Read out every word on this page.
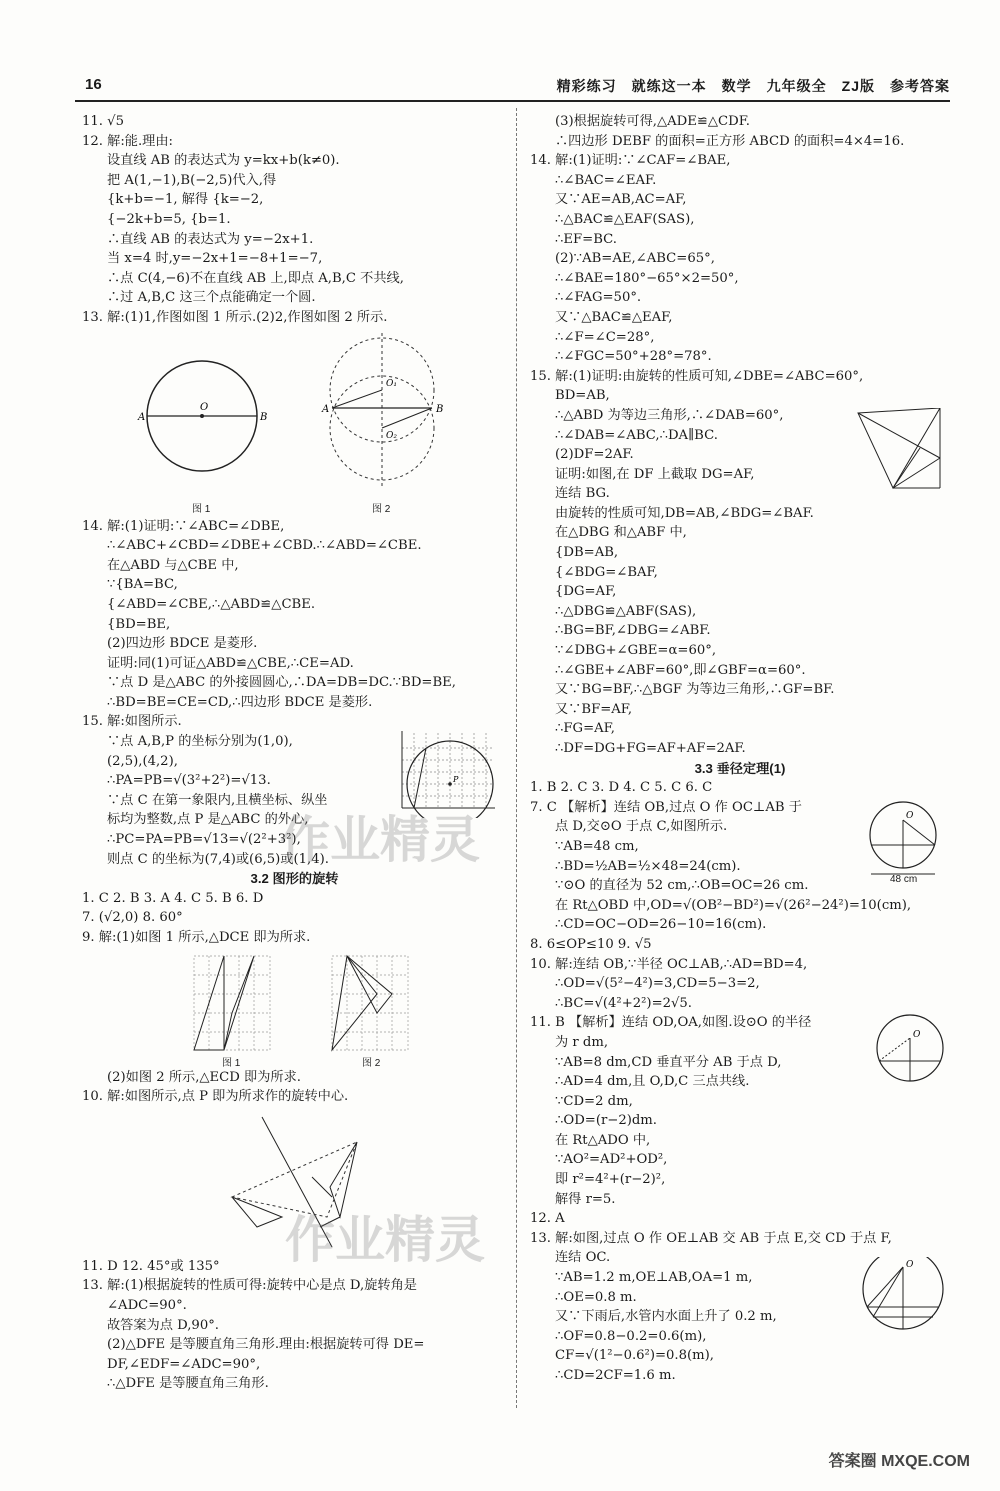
16	精彩练习　就练这一本　数学　九年级全　ZJ版　参考答案
11. √5
12. 解:能.理由:
设直线 AB 的表达式为 y=kx+b(k≠0).
把 A(1,−1),B(−2,5)代入,得
{k+b=−1, 解得 {k=−2,
{−2k+b=5, {b=1.
∴直线 AB 的表达式为 y=−2x+1.
当 x=4 时,y=−2x+1=−8+1=−7,
∴点 C(4,−6)不在直线 AB 上,即点 A,B,C 不共线,
∴过 A,B,C 这三个点能确定一个圆.
13. 解:(1)1,作图如图 1 所示.(2)2,作图如图 2 所示.
O
A	B
O₁
O₂
A	B
图 1	图 2
14. 解:(1)证明:∵∠ABC=∠DBE,
∴∠ABC+∠CBD=∠DBE+∠CBD.∴∠ABD=∠CBE.
在△ABD 与△CBE 中,
∵{BA=BC,
{∠ABD=∠CBE,∴△ABD≌△CBE.
{BD=BE,
(2)四边形 BDCE 是菱形.
证明:同(1)可证△ABD≌△CBE,∴CE=AD.
∵点 D 是△ABC 的外接圆圆心,∴DA=DB=DC.∵BD=BE,
∴BD=BE=CE=CD,∴四边形 BDCE 是菱形.
15. 解:如图所示.
∵点 A,B,P 的坐标分别为(1,0),
(2,5),(4,2),
∴PA=PB=√(3²+2²)=√13.
∵点 C 在第一象限内,且横坐标、纵坐
标均为整数,点 P 是△ABC 的外心,
∴PC=PA=PB=√13=√(2²+3²),
则点 C 的坐标为(7,4)或(6,5)或(1,4).
P
3.2 图形的旋转
1. C 2. B 3. A 4. C 5. B 6. D
7. (√2,0) 8. 60°
9. 解:(1)如图 1 所示,△DCE 即为所求.
图 1	图 2
(2)如图 2 所示,△ECD 即为所求.
10. 解:如图所示,点 P 即为所求作的旋转中心.
11. D 12. 45°或 135°
13. 解:(1)根据旋转的性质可得:旋转中心是点 D,旋转角是
∠ADC=90°.
故答案为点 D,90°.
(2)△DFE 是等腰直角三角形.理由:根据旋转可得 DE=
DF,∠EDF=∠ADC=90°,
∴△DFE 是等腰直角三角形.
(3)根据旋转可得,△ADE≌△CDF.
∴四边形 DEBF 的面积=正方形 ABCD 的面积=4×4=16.
14. 解:(1)证明:∵∠CAF=∠BAE,
∴∠BAC=∠EAF.
又∵AE=AB,AC=AF,
∴△BAC≌△EAF(SAS),
∴EF=BC.
(2)∵AB=AE,∠ABC=65°,
∴∠BAE=180°−65°×2=50°,
∴∠FAG=50°.
又∵△BAC≌△EAF,
∴∠F=∠C=28°,
∴∠FGC=50°+28°=78°.
15. 解:(1)证明:由旋转的性质可知,∠DBE=∠ABC=60°,
BD=AB,
∴△ABD 为等边三角形,∴∠DAB=60°,
∴∠DAB=∠ABC,∴DA∥BC.
(2)DF=2AF.
证明:如图,在 DF 上截取 DG=AF,
连结 BG.
由旋转的性质可知,DB=AB,∠BDG=∠BAF.
在△DBG 和△ABF 中,
{DB=AB,
{∠BDG=∠BAF,
{DG=AF,
∴△DBG≌△ABF(SAS),
∴BG=BF,∠DBG=∠ABF.
∵∠DBG+∠GBE=α=60°,
∴∠GBE+∠ABF=60°,即∠GBF=α=60°.
又∵BG=BF,∴△BGF 为等边三角形,∴GF=BF.
又∵BF=AF,
∴FG=AF,
∴DF=DG+FG=AF+AF=2AF.
3.3 垂径定理(1)
1. B 2. C 3. D 4. C 5. C 6. C
7. C 【解析】连结 OB,过点 O 作 OC⊥AB 于
点 D,交⊙O 于点 C,如图所示.
∵AB=48 cm,
∴BD=½AB=½×48=24(cm).
∵⊙O 的直径为 52 cm,∴OB=OC=26 cm.
在 Rt△OBD 中,OD=√(OB²−BD²)=√(26²−24²)=10(cm),
∴CD=OC−OD=26−10=16(cm).
O
48 cm
8. 6≤OP≤10 9. √5
10. 解:连结 OB,∵半径 OC⊥AB,∴AD=BD=4,
∴OD=√(5²−4²)=3,CD=5−3=2,
∴BC=√(4²+2²)=2√5.
11. B 【解析】连结 OD,OA,如图.设⊙O 的半径
为 r dm,
∵AB=8 dm,CD 垂直平分 AB 于点 D,
∴AD=4 dm,且 O,D,C 三点共线.
∵CD=2 dm,
∴OD=(r−2)dm.
在 Rt△ADO 中,
∵AO²=AD²+OD²,
即 r²=4²+(r−2)²,
解得 r=5.
O
12. A
13. 解:如图,过点 O 作 OE⊥AB 交 AB 于点 E,交 CD 于点 F,
连结 OC.
∵AB=1.2 m,OE⊥AB,OA=1 m,
∴OE=0.8 m.
又∵下雨后,水管内水面上升了 0.2 m,
∴OF=0.8−0.2=0.6(m),
CF=√(1²−0.6²)=0.8(m),
∴CD=2CF=1.6 m.
O
作业精灵
作业精灵
答案圈 MXQE.COM
